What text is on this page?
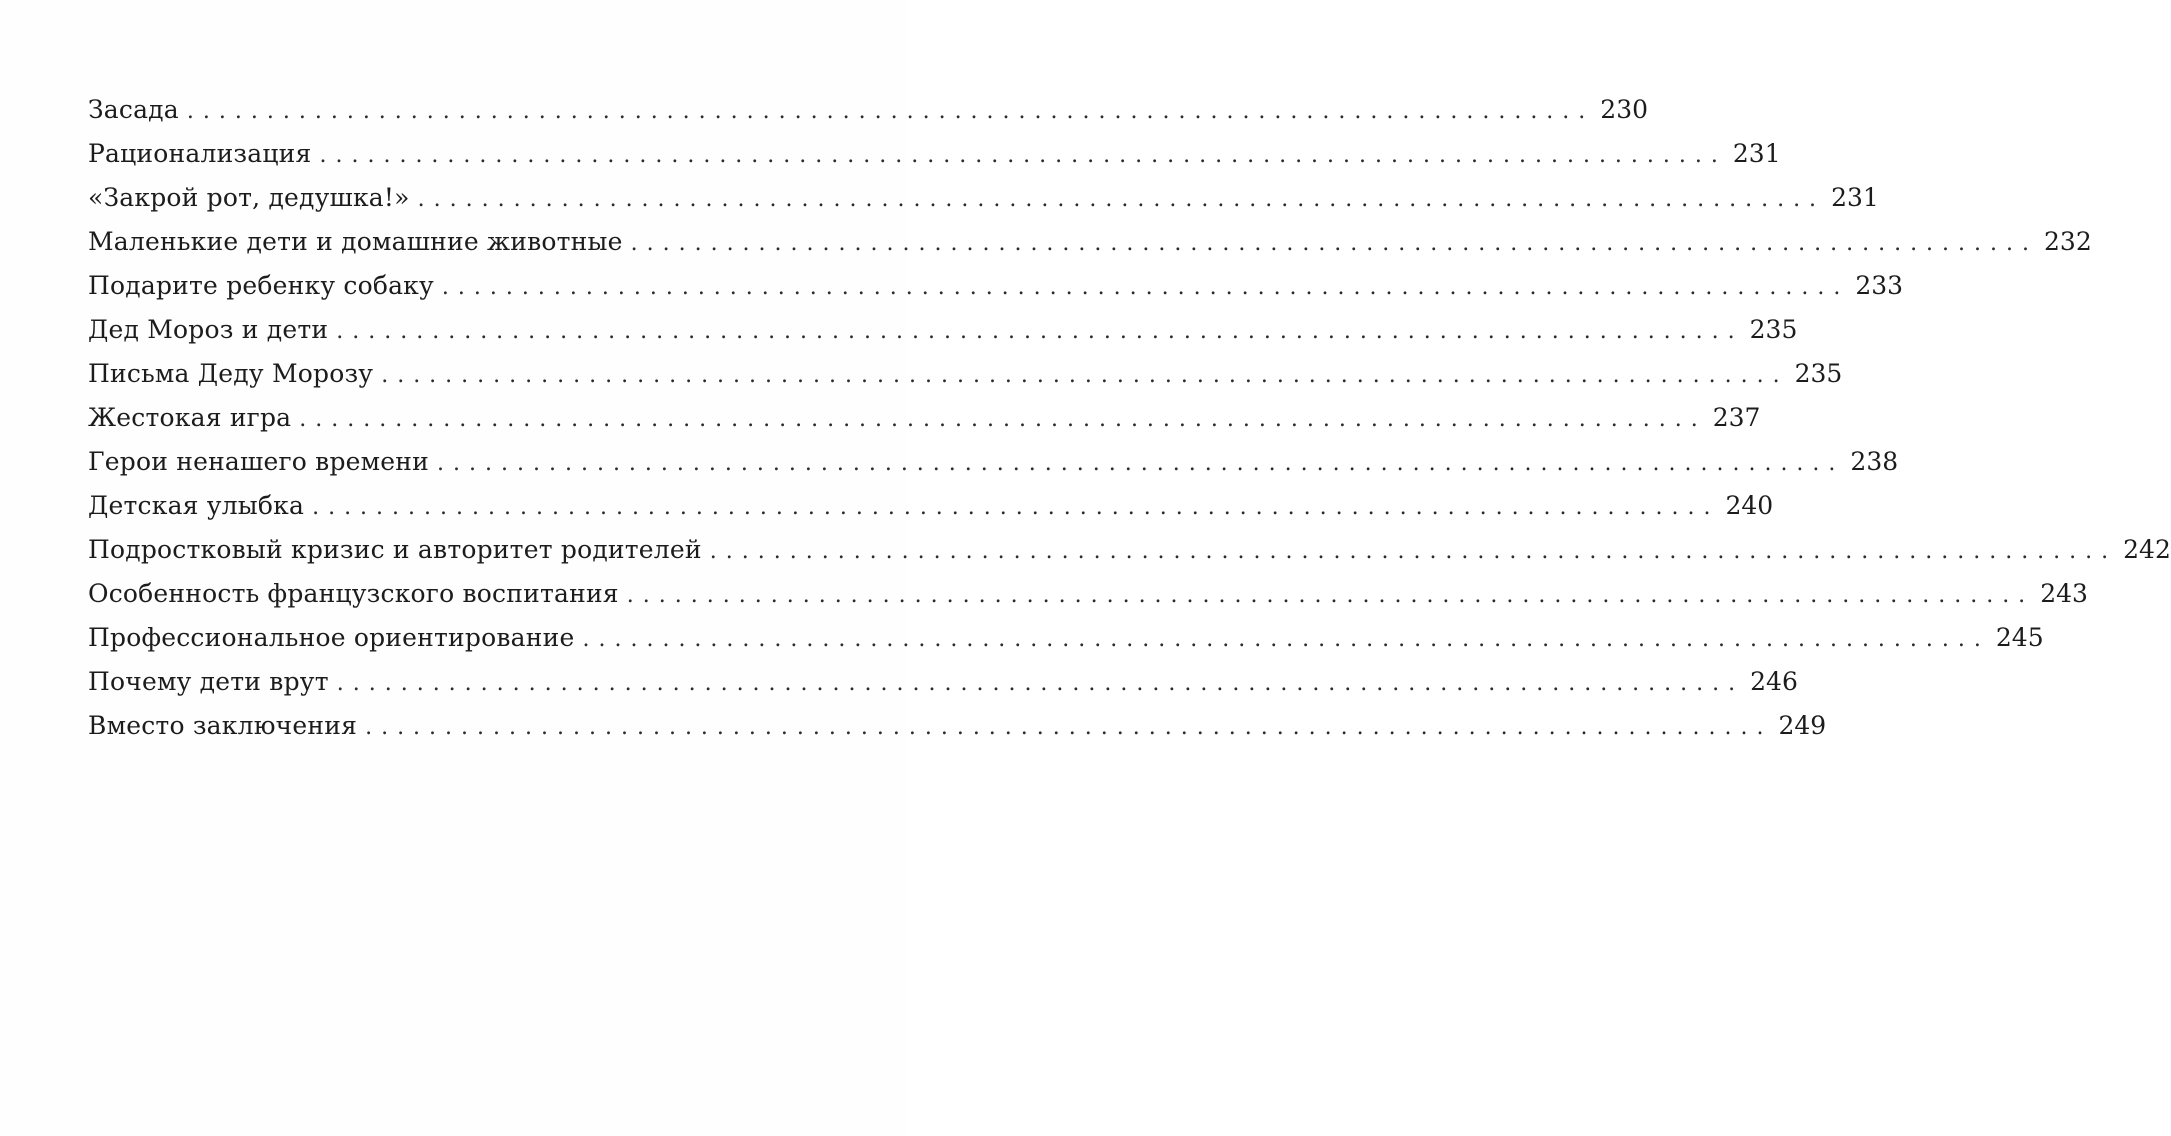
Засада ........................................................................................ 230
Рационализация ........................................................................................ 231
«Закрой рот, дедушка!» ........................................................................................ 231
Маленькие дети и домашние животные ........................................................................................ 232
Подарите ребенку собаку ........................................................................................ 233
Дед Мороз и дети ........................................................................................ 235
Письма Деду Морозу ........................................................................................ 235
Жестокая игра ........................................................................................ 237
Герои ненашего времени ........................................................................................ 238
Детская улыбка ........................................................................................ 240
Подростковый кризис и авторитет родителей ........................................................................................ 242
Особенность французского воспитания ........................................................................................ 243
Профессиональное ориентирование ........................................................................................ 245
Почему дети врут ........................................................................................ 246
Вместо заключения ........................................................................................ 249
